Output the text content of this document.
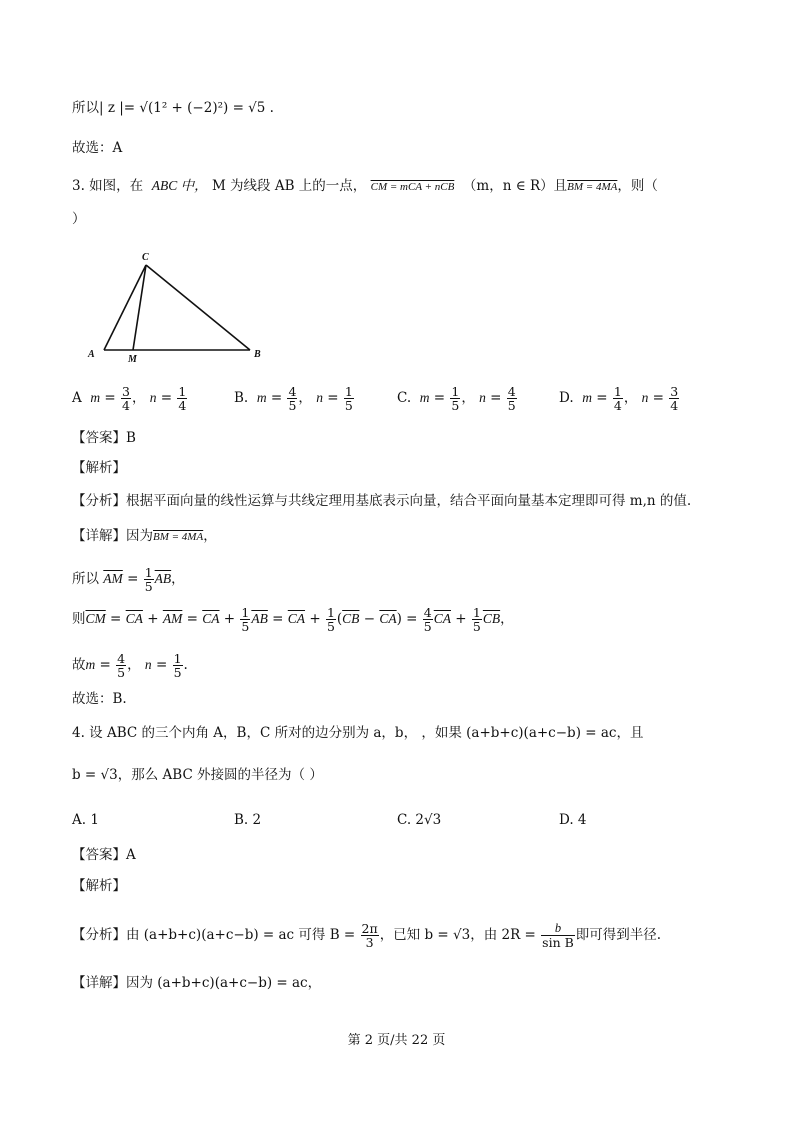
所以| z |= √(1² + (−2)²) = √5 .
故选：A
3. 如图，在 ABC 中， M 为线段 AB 上的一点， CM = mCA + nCB （m，n ∈ R）且BM = 4MA，则（
）
C
A	M	B
A $m = \frac{3}{4}$ ， $n = \frac{1}{4}$	B. $m = \frac{4}{5}$ ， $n = \frac{1}{5}$	C. $m = \frac{1}{5}$ ， $n = \frac{4}{5}$	D. $m = \frac{1}{4}$ ， $n = \frac{3}{4}$
【答案】B
【解析】
【分析】根据平面向量的线性运算与共线定理用基底表示向量，结合平面向量基本定理即可得 m,n 的值.
【详解】因为BM = 4MA，
所以 $\overline{AM} = \frac{1}{5} \overline{AB}$，
则$\overline{CM} = \overline{CA} + \overline{AM} = \overline{CA} + \frac{1}{5} \overline{AB} = \overline{CA} + \frac{1}{5} (\overline{CB} - \overline{CA}) = \frac{4}{5} \overline{CA} + \frac{1}{5} \overline{CB}$，
故$m = \frac{4}{5}$ ， $n = \frac{1}{5}$ .
故选：B.
4. 设 ABC 的三个内角 A，B，C 所对的边分别为 a，b， ，如果 (a+b+c)(a+c−b) = ac，且
b = √3，那么 ABC 外接圆的半径为（ ）
A. 1	B. 2	C. 2√3	D. 4
【答案】A
【解析】
【分析】由 (a+b+c)(a+c−b) = ac 可得 $B = \frac{2\pi}{3}$ ，已知 b = √3，由 $2R = \frac{b}{\text{sin B}}$ 即可得到半径.
【详解】因为 (a+b+c)(a+c−b) = ac，
第 2 页/共 22 页
